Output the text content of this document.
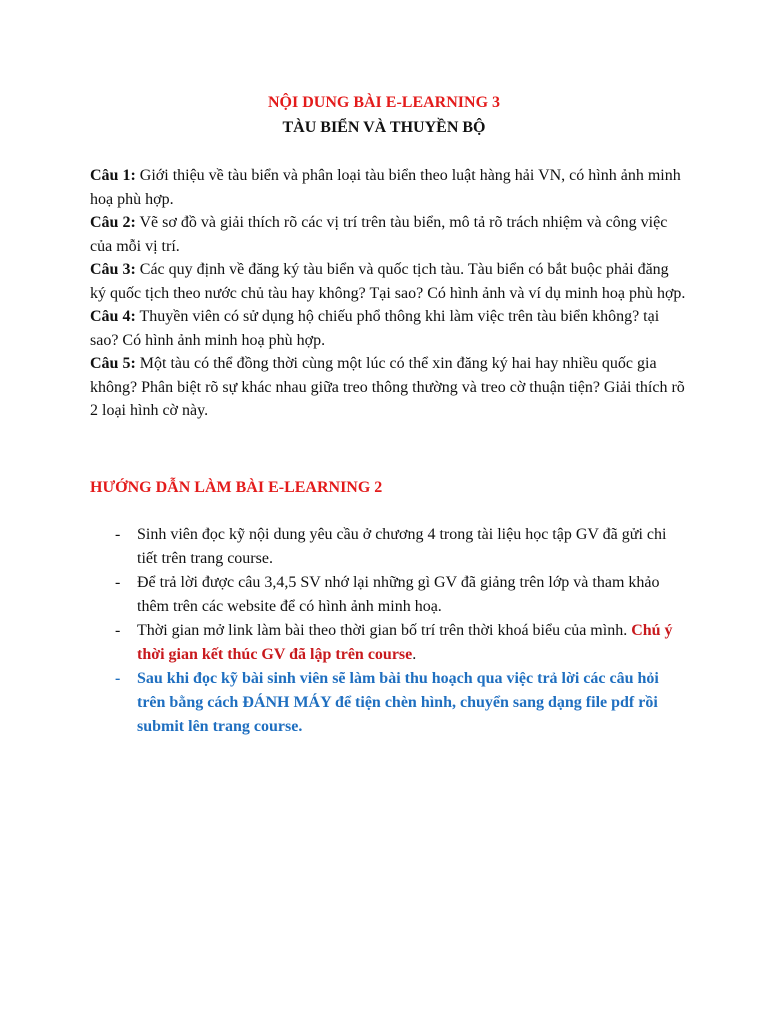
NỘI DUNG BÀI E-LEARNING 3
TÀU BIỂN VÀ THUYỀN BỘ

Câu 1: Giới thiệu về tàu biển và phân loại tàu biển theo luật hàng hải VN, có hình ảnh minh hoạ phù hợp.

Câu 2: Vẽ sơ đồ và giải thích rõ các vị trí trên tàu biển, mô tả rõ trách nhiệm và công việc của mỗi vị trí.

Câu 3: Các quy định về đăng ký tàu biển và quốc tịch tàu. Tàu biển có bắt buộc phải đăng ký quốc tịch theo nước chủ tàu hay không? Tại sao? Có hình ảnh và ví dụ minh hoạ phù hợp.

Câu 4: Thuyền viên có sử dụng hộ chiếu phổ thông khi làm việc trên tàu biển không? tại sao? Có hình ảnh minh hoạ phù hợp.

Câu 5: Một tàu có thể đồng thời cùng một lúc có thể xin đăng ký hai hay nhiều quốc gia không? Phân biệt rõ sự khác nhau giữa treo thông thường và treo cờ thuận tiện? Giải thích rõ 2 loại hình cờ này.

HƯỚNG DẪN LÀM BÀI E-LEARNING 2
- Sinh viên đọc kỹ nội dung yêu cầu ở chương 4 trong tài liệu học tập GV đã gửi chi tiết trên trang course.
- Để trả lời được câu 3,4,5 SV nhớ lại những gì GV đã giảng trên lớp và tham khảo thêm trên các website để có hình ảnh minh hoạ.
- Thời gian mở link làm bài theo thời gian bố trí trên thời khoá biểu của mình. Chú ý thời gian kết thúc GV đã lập trên course.
- Sau khi đọc kỹ bài sinh viên sẽ làm bài thu hoạch qua việc trả lời các câu hỏi trên bằng cách ĐÁNH MÁY để tiện chèn hình, chuyển sang dạng file pdf rồi submit lên trang course.
